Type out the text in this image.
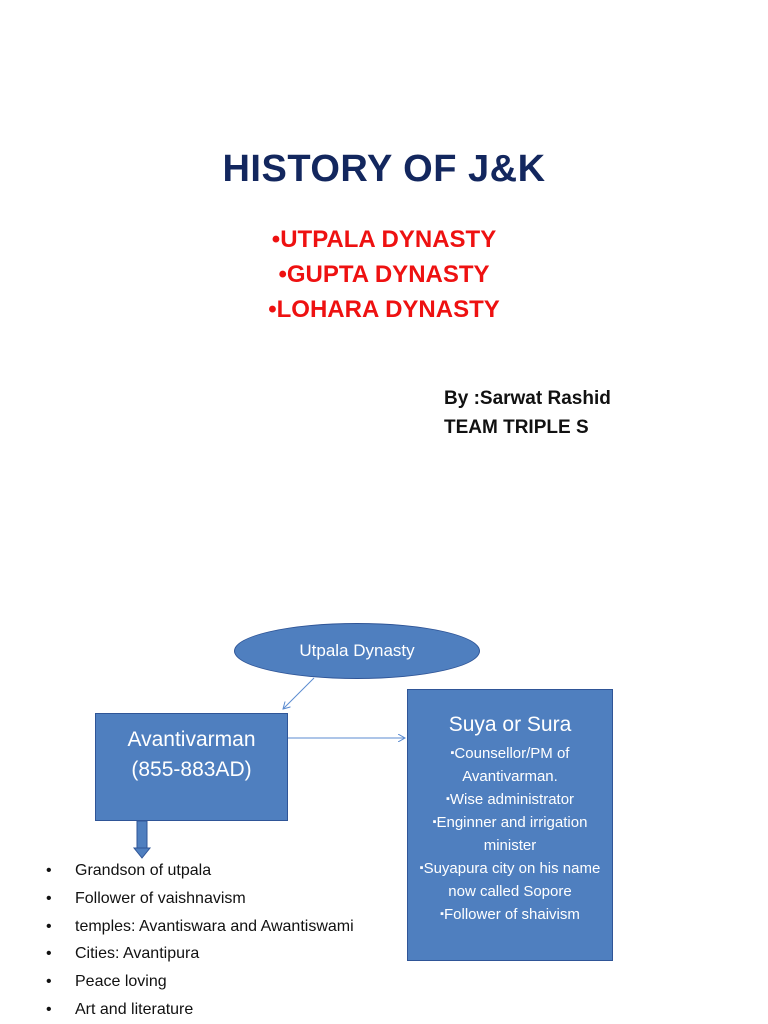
HISTORY OF J&K
•UTPALA DYNASTY
•GUPTA DYNASTY
•LOHARA DYNASTY
By :Sarwat Rashid
TEAM TRIPLE S
Utpala Dynasty
Avantivarman
(855-883AD)
Suya or Sura
▪ Counsellor/PM of Avantivarman.
▪ Wise administrator
▪ Enginner and irrigation minister
▪ Suyapura city on his name now called Sopore
▪ Follower of shaivism
• Grandson of utpala
• Follower of vaishnavism
• temples: Avantiswara and Awantiswami
• Cities: Avantipura
• Peace loving
• Art and literature
